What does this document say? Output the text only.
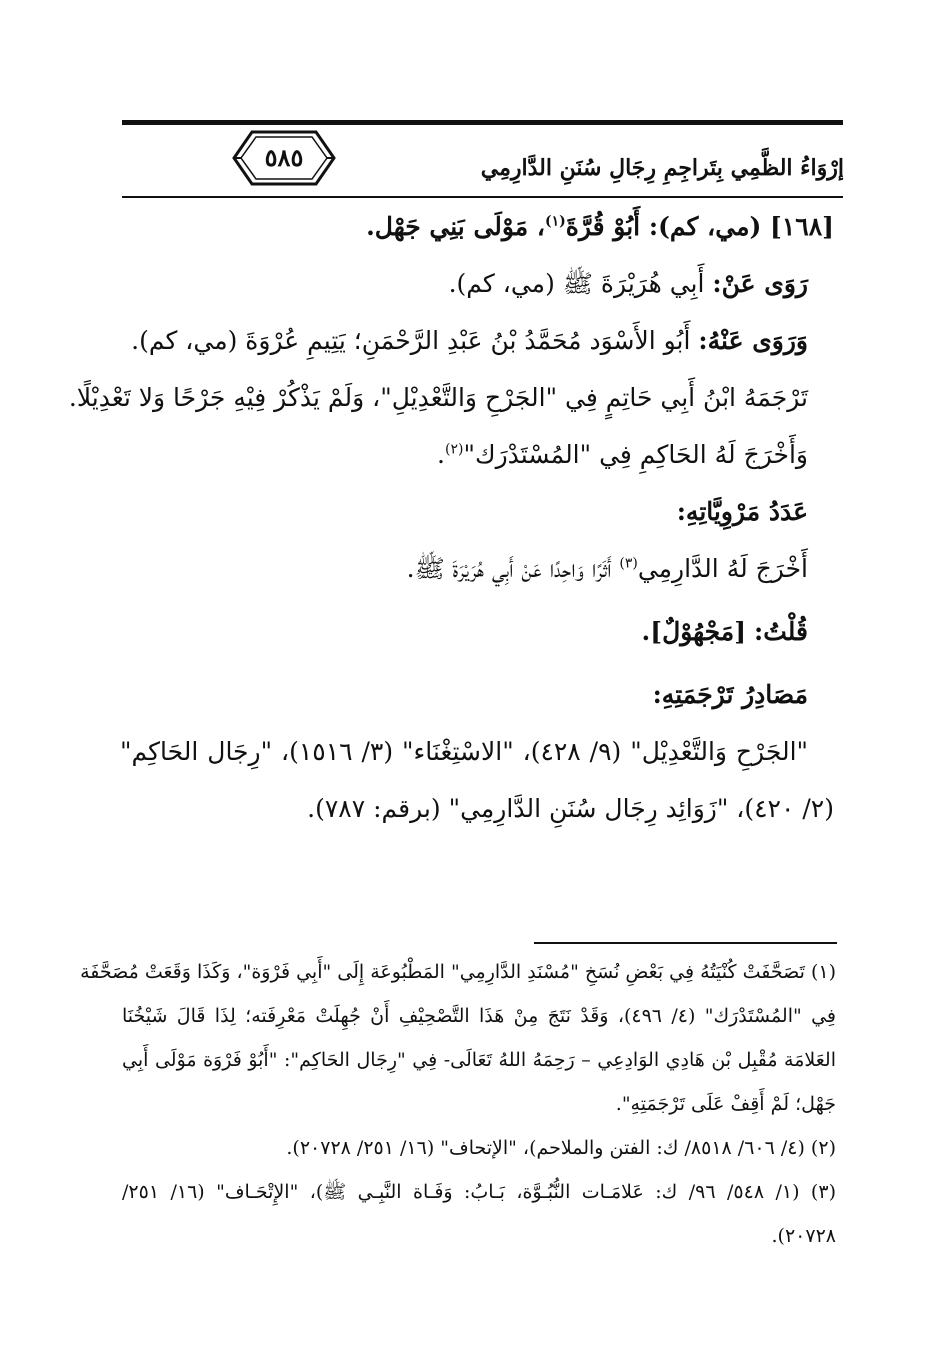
إرْوَاءُ الظَّمِي بِتَراجِمِ رِجَالِ سُنَنِ الدَّارِمِي
٥٨٥
[١٦٨] (مي، كم): أَبُوْ قُرَّةَ$^{(١)}$، مَوْلَى بَنِي جَهْل.
رَوَى عَنْ: أَبِي هُرَيْرَةَ ﷺ (مي، كم).
وَرَوَى عَنْهُ: أَبُو الأَسْوَد مُحَمَّدُ بْنُ عَبْدِ الرَّحْمَنِ؛ يَتِيمِ عُرْوَةَ (مي، كم).
تَرْجَمَهُ ابْنُ أَبِي حَاتِمٍ فِي "الجَرْحِ وَالتَّعْدِيْلِ"، وَلَمْ يَذْكُرْ فِيْهِ جَرْحًا وَلا تَعْدِيْلًا.
وَأَخْرَجَ لَهُ الحَاكِمِ فِي "المُسْتَدْرَك"$^{(٢)}$.
عَدَدُ مَرْوِيَّاتِهِ:
أَخْرَجَ لَهُ الدَّارِمِي$^{(٣)}$ أَثَرًا وَاحِدًا عَنْ أَبِي هُرَيْرَةَ ﷺ.
قُلْتُ: [مَجْهُوْلٌ].
مَصَادِرُ تَرْجَمَتِهِ:
"الجَرْحِ وَالتَّعْدِيْل" (٩/ ٤٢٨)، "الاسْتِغْنَاء" (٣/ ١٥١٦)، "رِجَال الحَاكِم"
(٢/ ٤٢٠)، "زَوَائِد رِجَال سُنَنِ الدَّارِمِي" (برقم: ٧٨٧).
(١) تَصَحَّفَتْ كُنْيَتُهُ فِي بَعْضِ نُسَخِ "مُسْنَدِ الدَّارِمِي" المَطْبُوعَة إِلَى "أَبِي فَرْوَة"، وَكَذَا وَقَعَتْ مُصَحَّفَة
فِي "المُسْتَدْرَك" (٤/ ٤٩٦)، وَقَدْ نَتَجَ مِنْ هَذَا التَّصْحِيْفِ أَنْ جُهِلَتْ مَعْرِفَته؛ لِذَا قَالَ شَيْخُنَا
العَلامَة مُقْبِل بْن هَادِي الوَادِعِي – رَحِمَهُ اللهُ تَعَالَى- فِي "رِجَال الحَاكِم": "أَبُوْ فَرْوَة مَوْلَى أَبِي
جَهْل؛ لَمْ أَقِفْ عَلَى تَرْجَمَتِهِ".
(٢) (٤/ ٦٠٦/ ٨٥١٨/ ك: الفتن والملاحم)، "الإتحاف" (١٦/ ٢٥١/ ٢٠٧٢٨).
(٣) (١/ ٥٤٨/ ٩٦/ ك: عَلامَـات النُّبُـوَّة، بَـابُ: وَفَـاة النَّبِـي ﷺ)، "الإِتْحَـاف" (١٦/ ٢٥١/
٢٠٧٢٨).
